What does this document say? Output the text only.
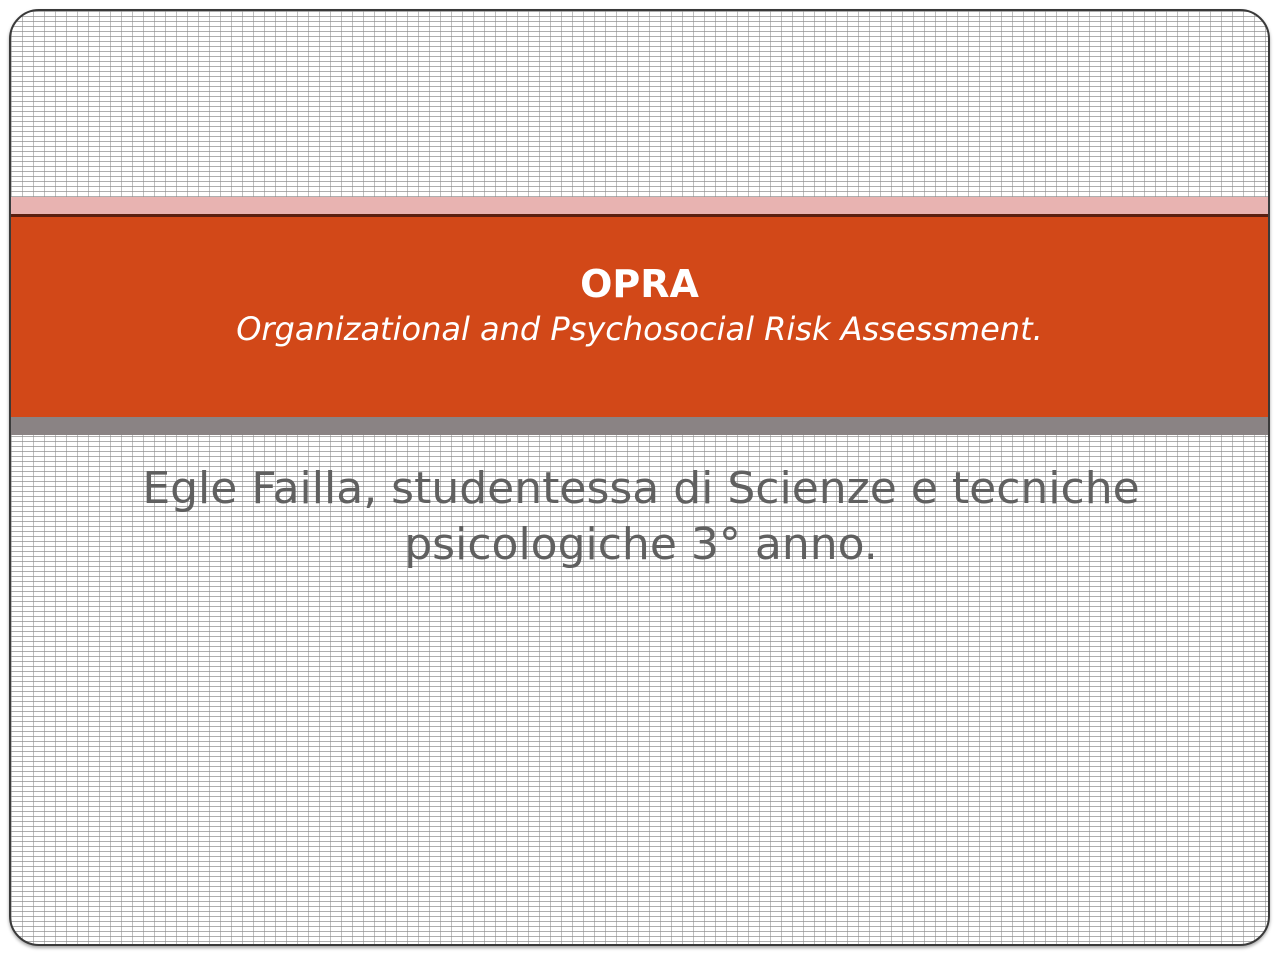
OPRA

Organizational and Psychosocial Risk Assessment.

Egle Failla, studentessa di Scienze e tecniche psicologiche 3° anno.
